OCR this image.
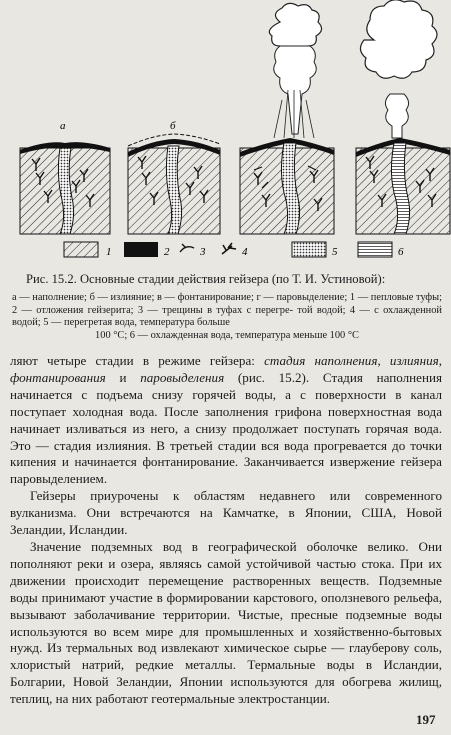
а	б
1	2	3	4	5	6
Рис. 15.2. Основные стадии действия гейзера (по Т. И. Устиновой):
а — наполнение; б — излияние; в — фонтанирование; г — паровыделение; 1 — пепловые туфы; 2 — отложения гейзерита; 3 — трещины в туфах с перегре- той водой; 4 — с охлажденной водой; 5 — перегретая вода, температура больше
100 °С; 6 — охлажденная вода, температура меньше 100 °С

ляют четыре стадии в режиме гейзера: стадия наполнения, излияния, фонтанирования и паровыделения (рис. 15.2). Стадия наполнения начинается с подъема снизу горячей воды, а с поверхности в канал поступает холодная вода. После заполнения грифона поверхностная вода начинает изливаться из него, а снизу продолжает поступать горячая вода. Это — стадия излияния. В третьей стадии вся вода прогревается до точки кипения и начинается фонтанирование. Заканчивается извержение гейзера паровыделением.

Гейзеры приурочены к областям недавнего или современного вулканизма. Они встречаются на Камчатке, в Японии, США, Новой Зеландии, Исландии.

Значение подземных вод в географической оболочке велико. Они пополняют реки и озера, являясь самой устойчивой частью стока. При их движении происходит перемещение растворенных веществ. Подземные воды принимают участие в формировании карстового, оползневого рельефа, вызывают заболачивание территории. Чистые, пресные подземные воды используются во всем мире для промышленных и хозяйственно-бытовых нужд. Из термальных вод извлекают химическое сырье — глауберову соль, хлористый натрий, редкие металлы. Термальные воды в Исландии, Болгарии, Новой Зеландии, Японии используются для обогрева жилищ, теплиц, на них работают геотермальные электростанции.

197
